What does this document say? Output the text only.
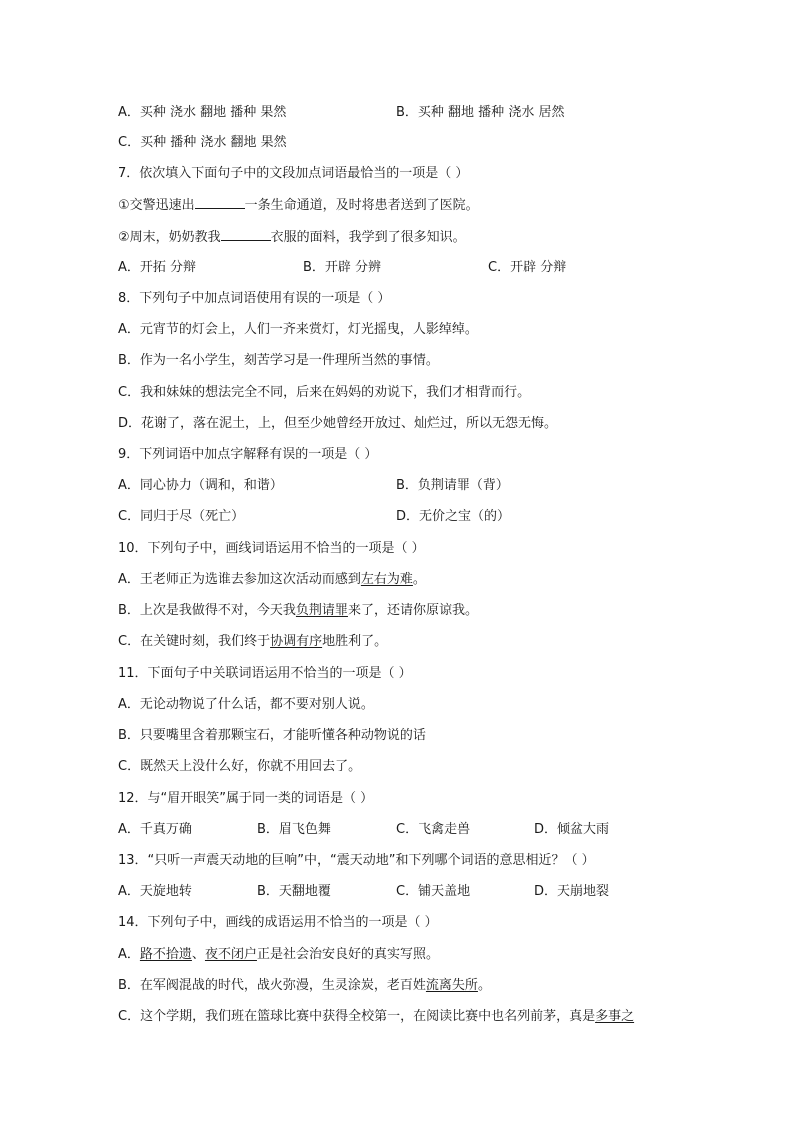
A．买种 浇水 翻地 播种 果然	B．买种 翻地 播种 浇水 居然
C．买种 播种 浇水 翻地 果然
7．依次填入下面句子中的文段加点词语最恰当的一项是（ ）
①交警迅速出	一条生命通道，及时将患者送到了医院。
②周末，奶奶教我	衣服的面料，我学到了很多知识。
A．开拓 分辩	B．开辟 分辨	C．开辟 分辩
8．下列句子中加点词语使用有误的一项是（ ）
A．元宵节的灯会上，人们一齐来赏灯，灯光摇曳，人影绰绰。
B．作为一名小学生，刻苦学习是一件理所当然的事情。
C．我和妹妹的想法完全不同，后来在妈妈的劝说下，我们才相背而行。
D．花谢了，落在泥土，上，但至少她曾经开放过、灿烂过，所以无怨无悔。
9．下列词语中加点字解释有误的一项是（ ）
A．同心协力（调和，和谐）	B．负荆请罪（背）
C．同归于尽（死亡）	D．无价之宝（的）
10．下列句子中，画线词语运用不恰当的一项是（ ）
A．王老师正为选谁去参加这次活动而感到左右为难。
B．上次是我做得不对，今天我负荆请罪来了，还请你原谅我。
C．在关键时刻，我们终于协调有序地胜利了。
11．下面句子中关联词语运用不恰当的一项是（ ）
A．无论动物说了什么话，都不要对别人说。
B．只要嘴里含着那颗宝石，才能听懂各种动物说的话
C．既然天上没什么好，你就不用回去了。
12．与“眉开眼笑”属于同一类的词语是（ ）
A．千真万确	B．眉飞色舞	C．飞禽走兽	D．倾盆大雨
13．“只听一声震天动地的巨响”中，“震天动地”和下列哪个词语的意思相近？（ ）
A．天旋地转	B．天翻地覆	C．铺天盖地	D．天崩地裂
14．下列句子中，画线的成语运用不恰当的一项是（ ）
A．路不拾遗、夜不闭户正是社会治安良好的真实写照。
B．在军阀混战的时代，战火弥漫，生灵涂炭，老百姓流离失所。
C．这个学期，我们班在篮球比赛中获得全校第一，在阅读比赛中也名列前茅，真是多事之
